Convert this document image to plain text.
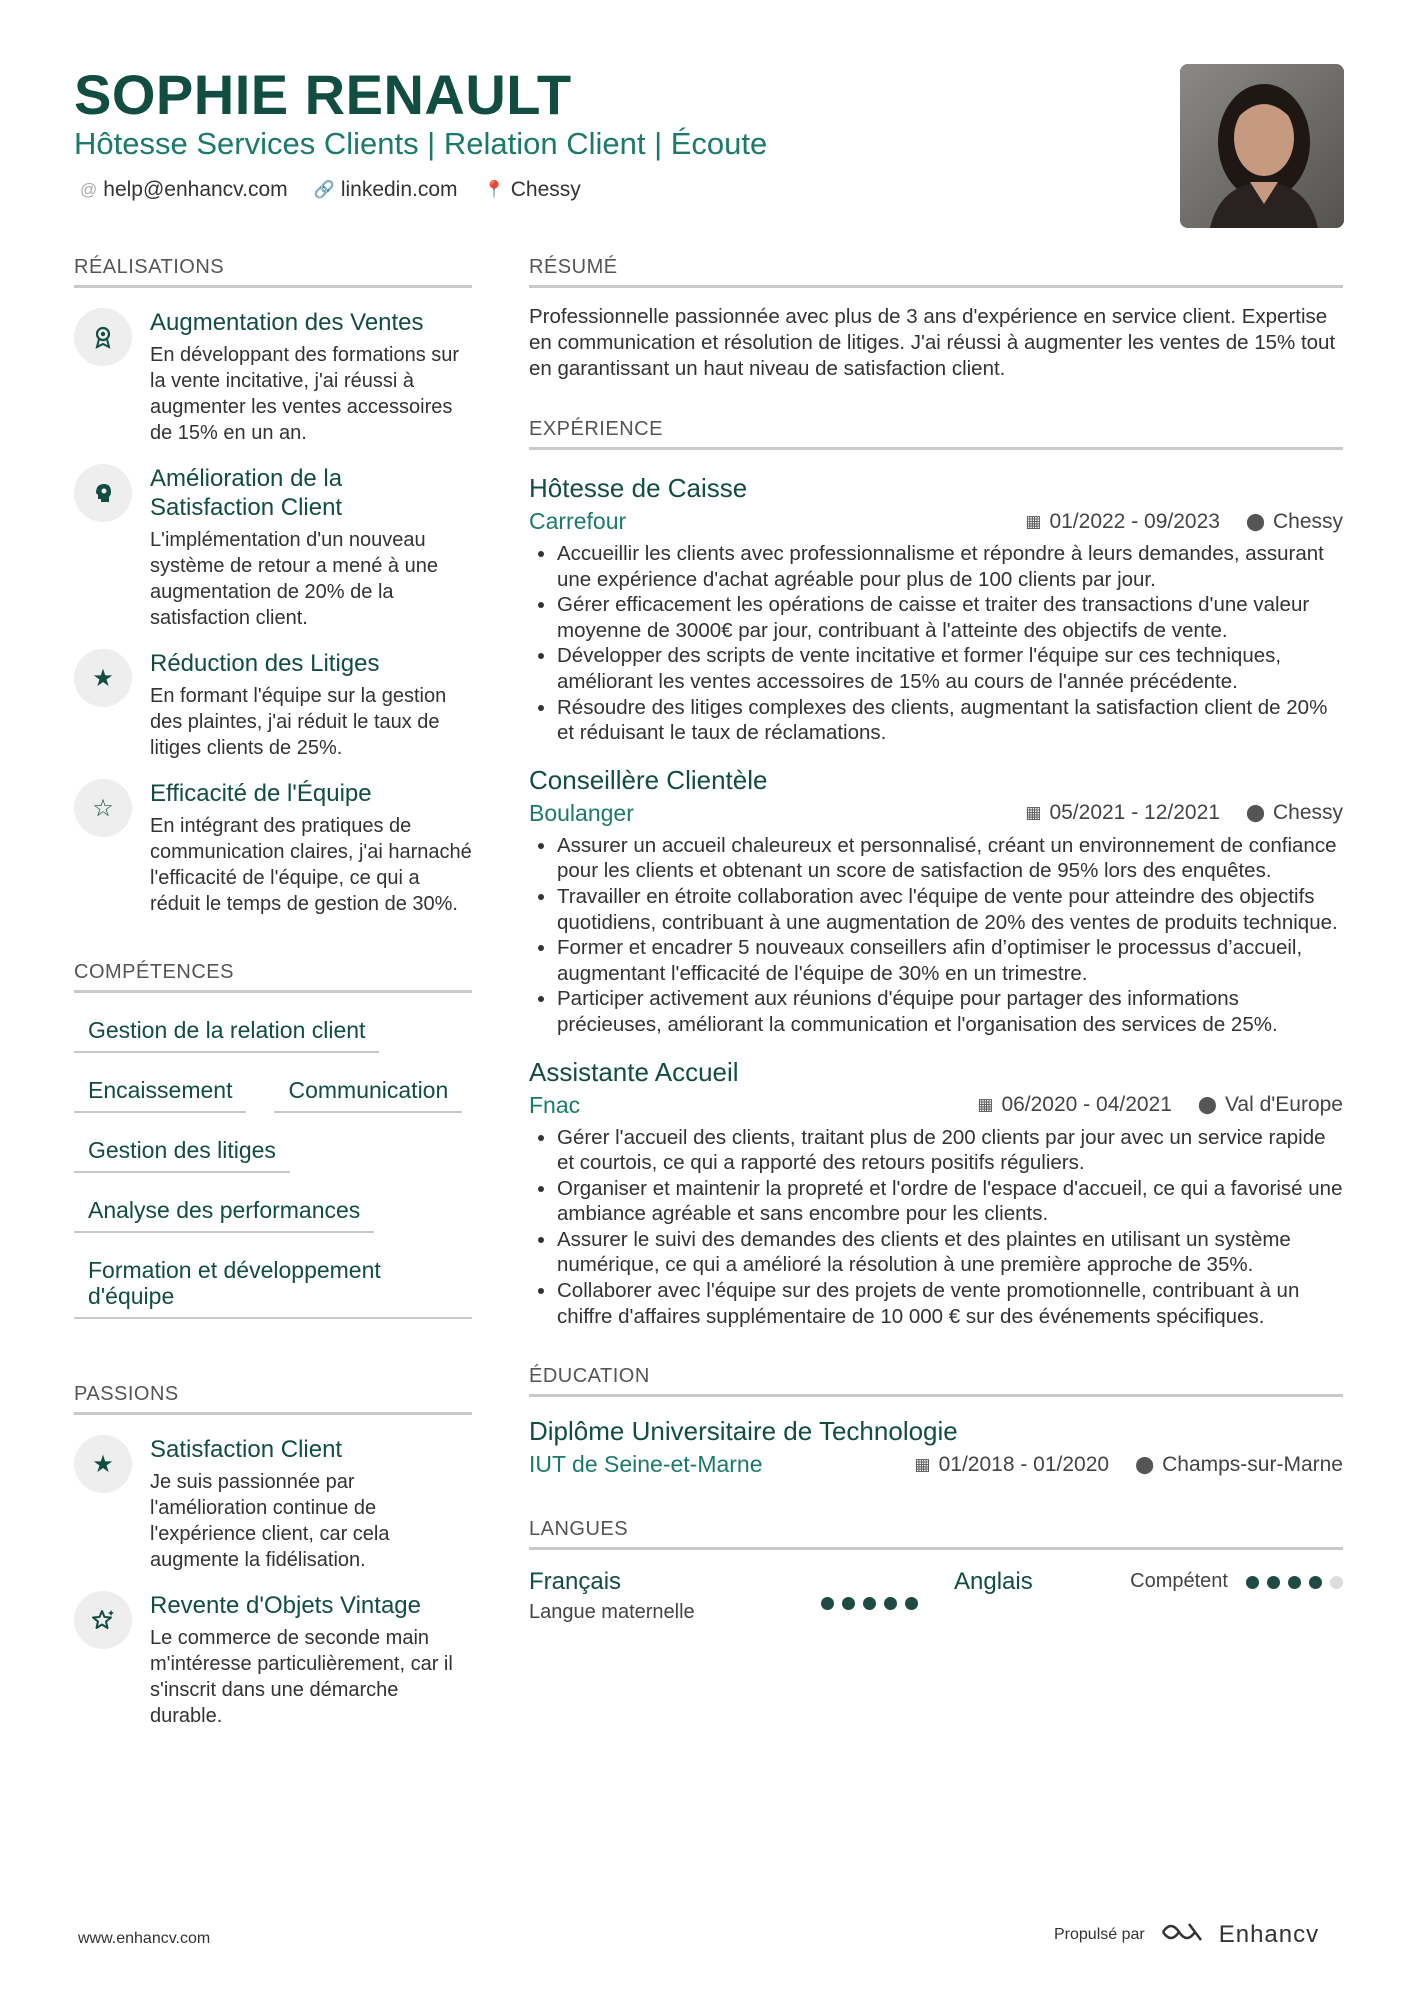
SOPHIE RENAULT
Hôtesse Services Clients | Relation Client | Écoute
@ help@enhancv.com 🔗 linkedin.com 📍 Chessy
RÉALISATIONS
Augmentation des Ventes
En développant des formations sur la vente incitative, j'ai réussi à augmenter les ventes accessoires de 15% en un an.
Amélioration de la Satisfaction Client
L'implémentation d'un nouveau système de retour a mené à une augmentation de 20% de la satisfaction client.
★
Réduction des Litiges
En formant l'équipe sur la gestion des plaintes, j'ai réduit le taux de litiges clients de 25%.
☆
Efficacité de l'Équipe
En intégrant des pratiques de communication claires, j'ai harnaché l'efficacité de l'équipe, ce qui a réduit le temps de gestion de 30%.
COMPÉTENCES
Gestion de la relation client
Encaissement	Communication
Gestion des litiges
Analyse des performances
Formation et développement d'équipe
PASSIONS
★
Satisfaction Client
Je suis passionnée par l'amélioration continue de l'expérience client, car cela augmente la fidélisation.
Revente d'Objets Vintage
Le commerce de seconde main m'intéresse particulièrement, car il s'inscrit dans une démarche durable.
RÉSUMÉ
Professionnelle passionnée avec plus de 3 ans d'expérience en service client. Expertise en communication et résolution de litiges. J'ai réussi à augmenter les ventes de 15% tout en garantissant un haut niveau de satisfaction client.
EXPÉRIENCE
Hôtesse de Caisse
Carrefour	▦ 01/2022 - 09/2023 ⬤ Chessy
• Accueillir les clients avec professionnalisme et répondre à leurs demandes, assurant une expérience d'achat agréable pour plus de 100 clients par jour.
• Gérer efficacement les opérations de caisse et traiter des transactions d'une valeur moyenne de 3000€ par jour, contribuant à l'atteinte des objectifs de vente.
• Développer des scripts de vente incitative et former l'équipe sur ces techniques, améliorant les ventes accessoires de 15% au cours de l'année précédente.
• Résoudre des litiges complexes des clients, augmentant la satisfaction client de 20% et réduisant le taux de réclamations.
Conseillère Clientèle
Boulanger	▦ 05/2021 - 12/2021 ⬤ Chessy
• Assurer un accueil chaleureux et personnalisé, créant un environnement de confiance pour les clients et obtenant un score de satisfaction de 95% lors des enquêtes.
• Travailler en étroite collaboration avec l'équipe de vente pour atteindre des objectifs quotidiens, contribuant à une augmentation de 20% des ventes de produits technique.
• Former et encadrer 5 nouveaux conseillers afin d’optimiser le processus d’accueil, augmentant l'efficacité de l'équipe de 30% en un trimestre.
• Participer activement aux réunions d'équipe pour partager des informations précieuses, améliorant la communication et l'organisation des services de 25%.
Assistante Accueil
Fnac	▦ 06/2020 - 04/2021 ⬤ Val d'Europe
• Gérer l'accueil des clients, traitant plus de 200 clients par jour avec un service rapide et courtois, ce qui a rapporté des retours positifs réguliers.
• Organiser et maintenir la propreté et l'ordre de l'espace d'accueil, ce qui a favorisé une ambiance agréable et sans encombre pour les clients.
• Assurer le suivi des demandes des clients et des plaintes en utilisant un système numérique, ce qui a amélioré la résolution à une première approche de 35%.
• Collaborer avec l'équipe sur des projets de vente promotionnelle, contribuant à un chiffre d'affaires supplémentaire de 10 000 € sur des événements spécifiques.
ÉDUCATION
Diplôme Universitaire de Technologie
IUT de Seine-et-Marne	▦ 01/2018 - 01/2020 ⬤ Champs-sur-Marne
LANGUES
Français
Langue maternelle
Anglais	Compétent
www.enhancv.com	Propulsé par	Enhancv
